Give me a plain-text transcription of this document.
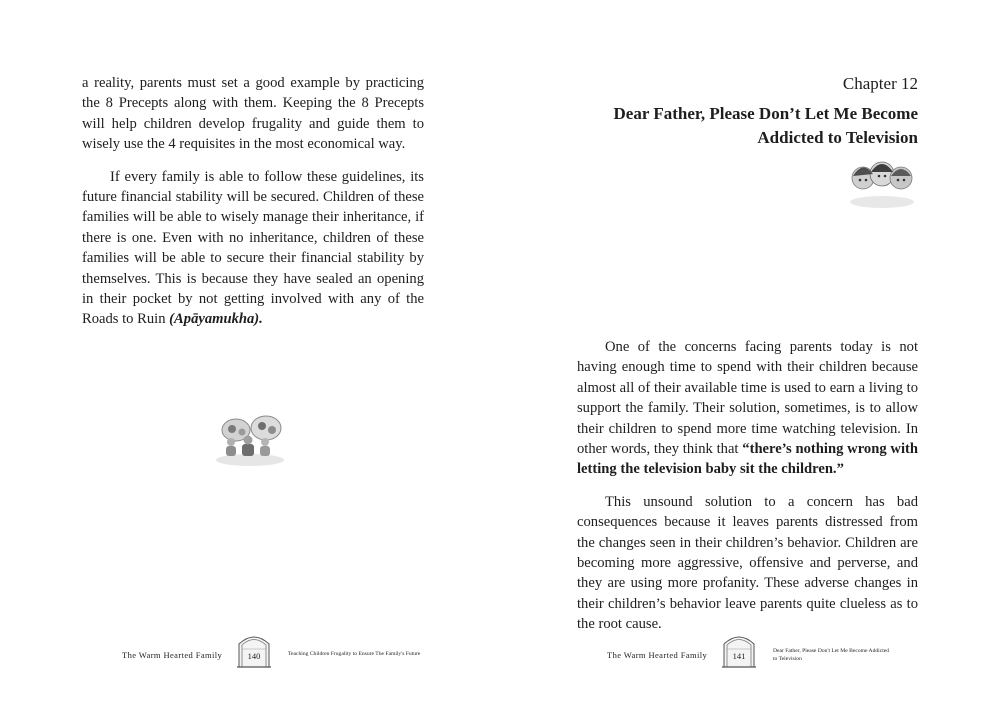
a reality, parents must set a good example by practicing the 8 Precepts along with them. Keeping the 8 Precepts will help children develop frugality and guide them to wisely use the 4 requisites in the most economical way.

If every family is able to follow these guidelines, its future financial stability will be secured. Children of these families will be able to wisely manage their inheritance, if there is one. Even with no inheritance, children of these families will be able to secure their financial stability by themselves. This is because they have sealed an opening in their pocket by not getting involved with any of the Roads to Ruin (Apāyamukha).

The Warm Hearted Family	140	Teaching Children Frugality to Ensure The Family's Future
Chapter 12
Dear Father, Please Don’t Let Me Become Addicted to Television

One of the concerns facing parents today is not having enough time to spend with their children because almost all of their available time is used to earn a living to support the family. Their solution, sometimes, is to allow their children to spend more time watching television. In other words, they think that “there’s nothing wrong with letting the television baby sit the children.”

This unsound solution to a concern has bad consequences because it leaves parents distressed from the changes seen in their children’s behavior. Children are becoming more aggressive, offensive and perverse, and they are using more profanity. These adverse changes in their children’s behavior leave parents quite clueless as to the root cause.

The Warm Hearted Family	141	Dear Father, Please Don't Let Me Become Addicted to Television
